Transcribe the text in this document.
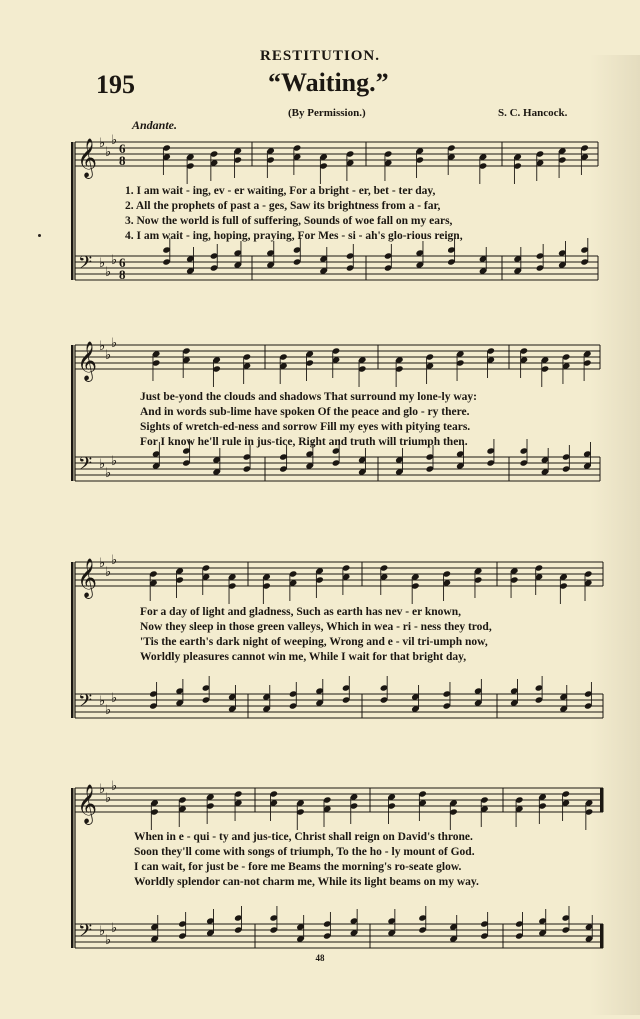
RESTITUTION.
195	“Waiting.”
(By Permission.)	S. C. Hancock.
Andante.
𝄞
𝄢
♭
♭
♭
♭
♭
♭
6
8
6
8
1. I am wait - ing, ev - er waiting, For a bright - er, bet - ter day,
2. All the prophets of past a - ges, Saw its brightness from a - far,
3. Now the world is full of suffering, Sounds of woe fall on my ears,
4. I am wait - ing, hoping, praying, For Mes - si - ah's glo-rious reign,
𝄞
𝄢
♭
♭
♭
♭
♭
♭
Just be-yond the clouds and shadows That surround my lone-ly way:
And in words sub-lime have spoken Of the peace and glo - ry there.
Sights of wretch-ed-ness and sorrow Fill my eyes with pitying tears.
For I know he'll rule in jus-tice, Right and truth will triumph then.
𝄞
𝄢
♭
♭
♭
♭
♭
♭
For a day of light and gladness, Such as earth has nev - er known,
Now they sleep in those green valleys, Which in wea - ri - ness they trod,
'Tis the earth's dark night of weeping, Wrong and e - vil tri-umph now,
Worldly pleasures cannot win me, While I wait for that bright day,
𝄞
𝄢
♭
♭
♭
♭
♭
♭
When in e - qui - ty and jus-tice, Christ shall reign on David's throne.
Soon they'll come with songs of triumph, To the ho - ly mount of God.
I can wait, for just be - fore me Beams the morning's ro-seate glow.
Worldly splendor can-not charm me, While its light beams on my way.
48
